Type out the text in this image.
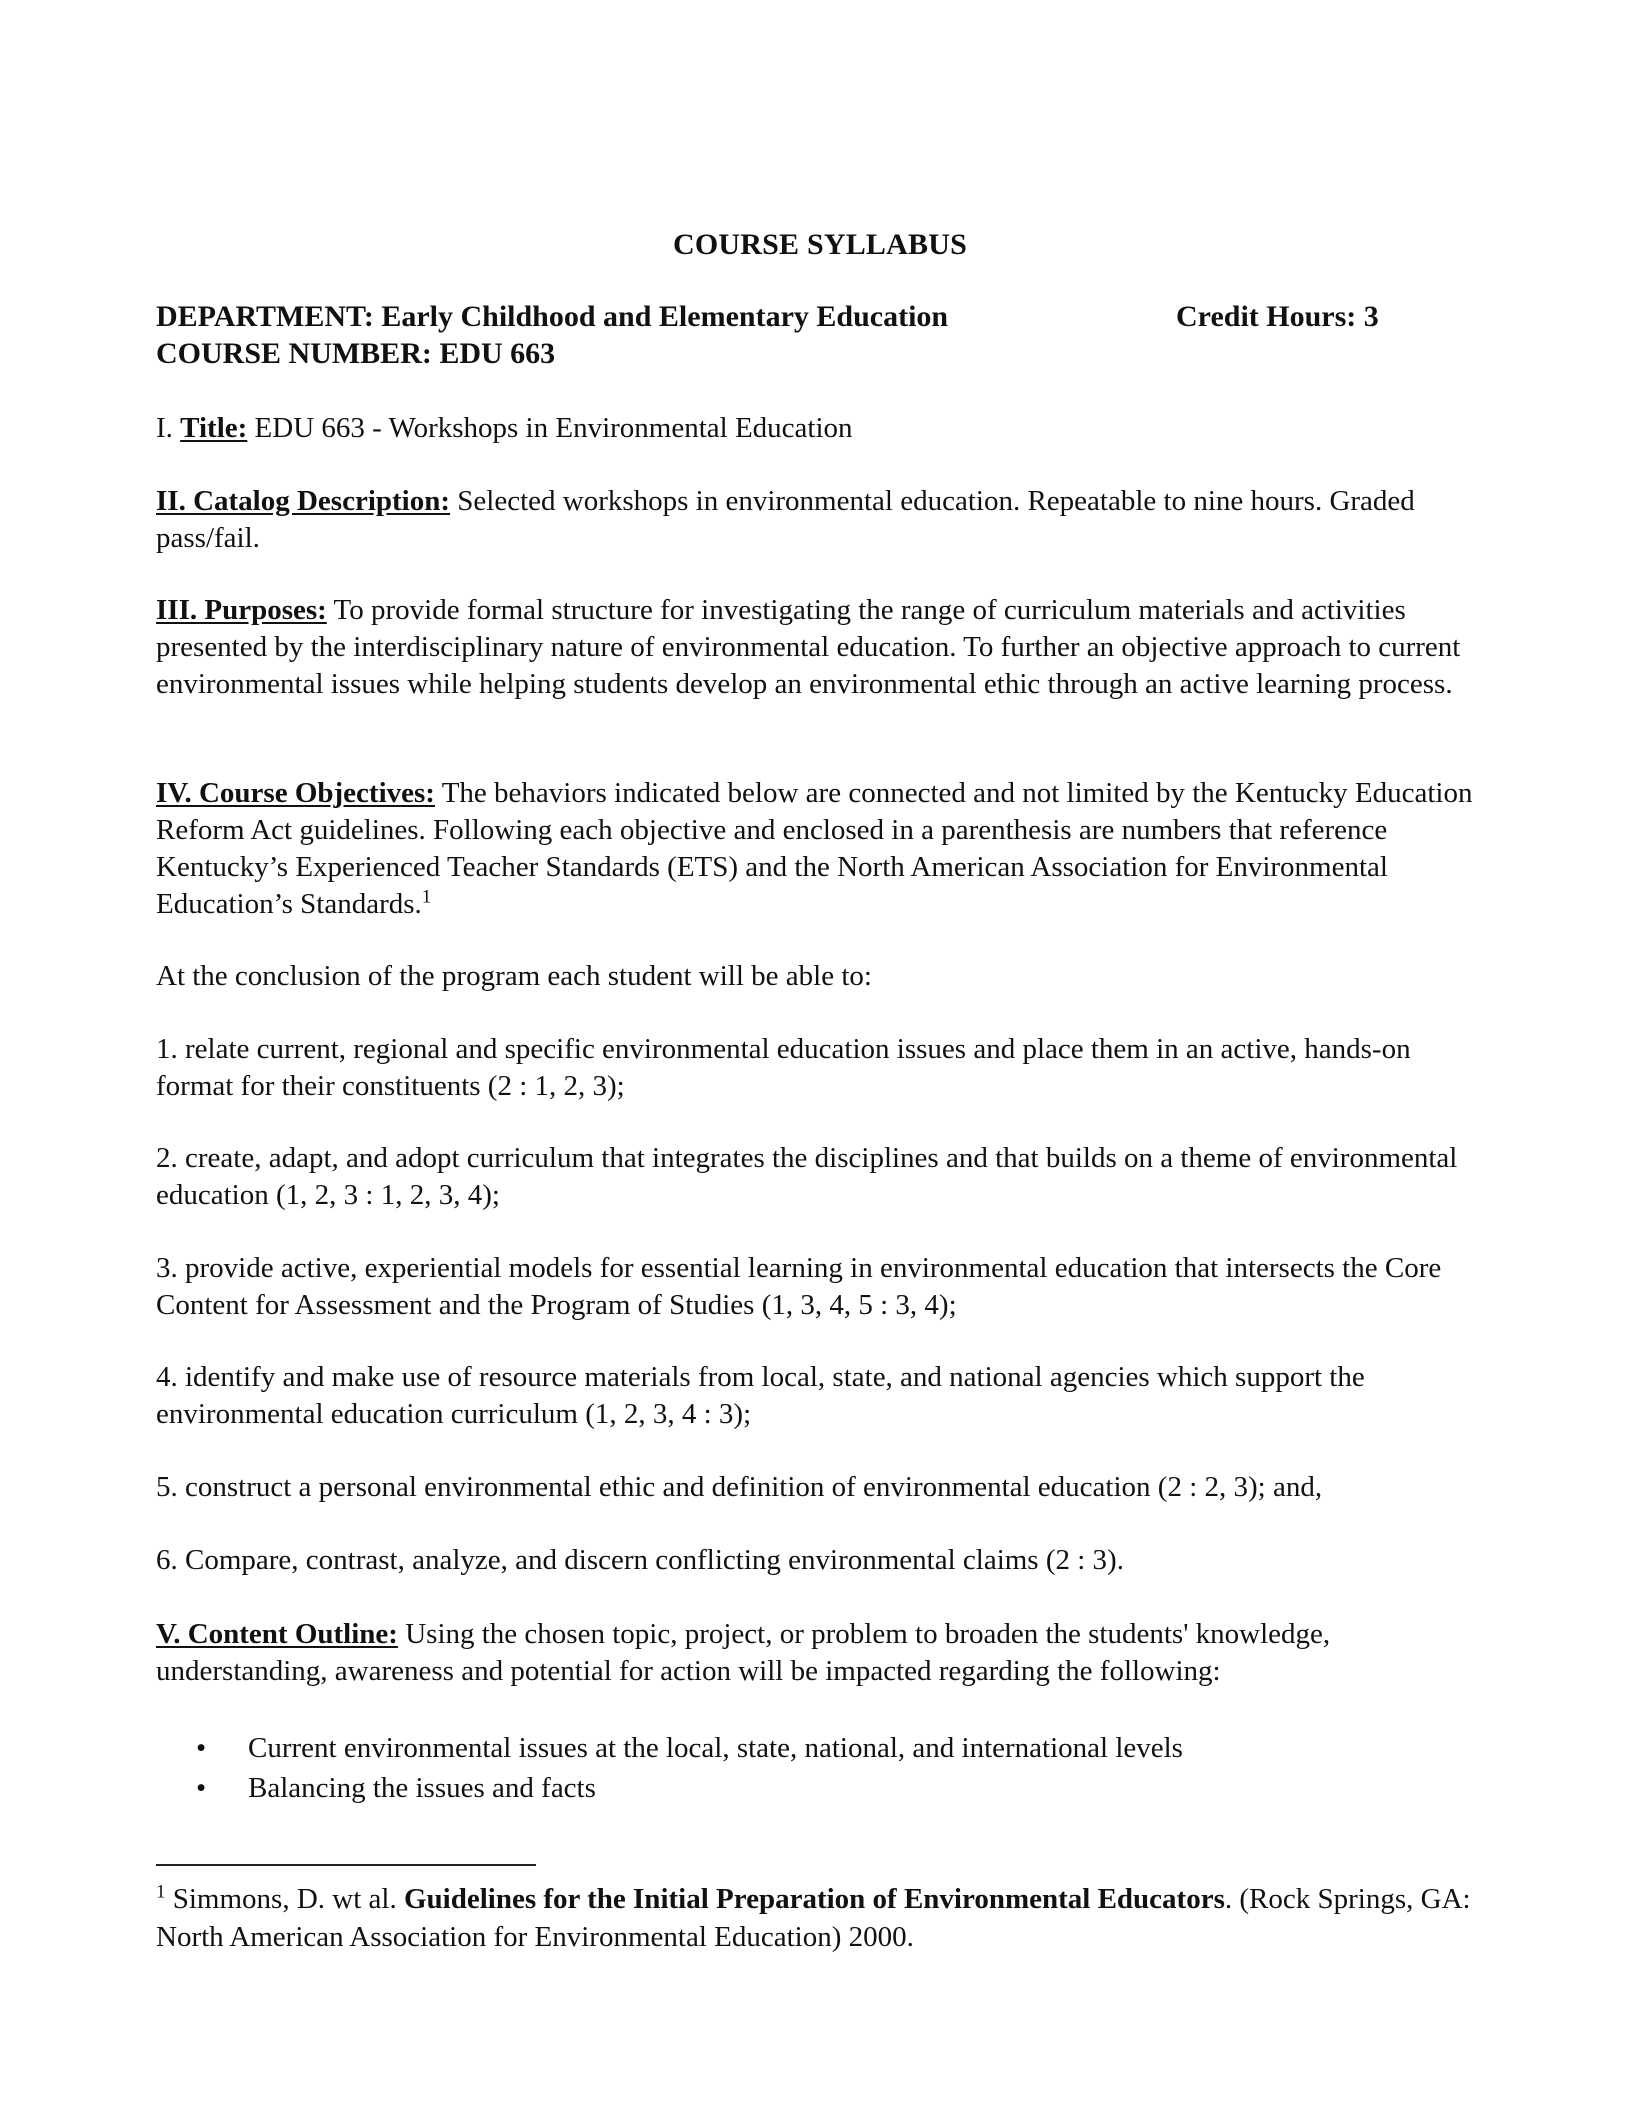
COURSE SYLLABUS
DEPARTMENT: Early Childhood and Elementary Education	Credit Hours: 3
COURSE NUMBER: EDU 663
I. Title: EDU 663 - Workshops in Environmental Education
II. Catalog Description: Selected workshops in environmental education. Repeatable to nine hours. Graded pass/fail.
III. Purposes: To provide formal structure for investigating the range of curriculum materials and activities presented by the interdisciplinary nature of environmental education. To further an objective approach to current environmental issues while helping students develop an environmental ethic through an active learning process.
IV. Course Objectives: The behaviors indicated below are connected and not limited by the Kentucky Education Reform Act guidelines. Following each objective and enclosed in a parenthesis are numbers that reference Kentucky’s Experienced Teacher Standards (ETS) and the North American Association for Environmental Education’s Standards.$^1$
At the conclusion of the program each student will be able to:
1. relate current, regional and specific environmental education issues and place them in an active, hands-on format for their constituents (2 : 1, 2, 3);
2. create, adapt, and adopt curriculum that integrates the disciplines and that builds on a theme of environmental education (1, 2, 3 : 1, 2, 3, 4);
3. provide active, experiential models for essential learning in environmental education that intersects the Core Content for Assessment and the Program of Studies (1, 3, 4, 5 : 3, 4);
4. identify and make use of resource materials from local, state, and national agencies which support the environmental education curriculum (1, 2, 3, 4 : 3);
5. construct a personal environmental ethic and definition of environmental education (2 : 2, 3); and,
6. Compare, contrast, analyze, and discern conflicting environmental claims (2 : 3).
V. Content Outline: Using the chosen topic, project, or problem to broaden the students' knowledge, understanding, awareness and potential for action will be impacted regarding the following:
• Current environmental issues at the local, state, national, and international levels
• Balancing the issues and facts
$^1$ Simmons, D. wt al. Guidelines for the Initial Preparation of Environmental Educators. (Rock Springs, GA: North American Association for Environmental Education) 2000.
